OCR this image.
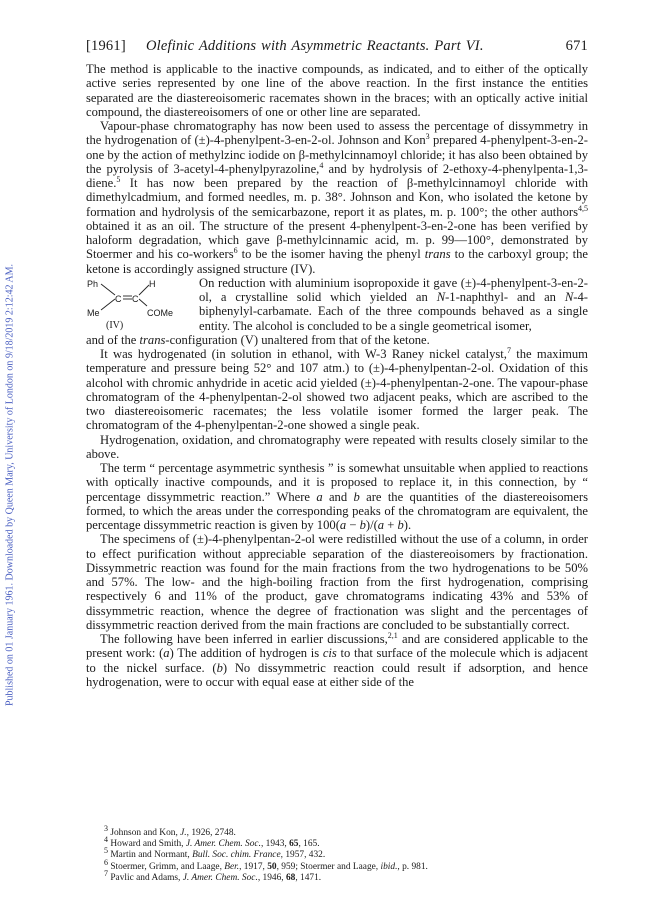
Published on 01 January 1961. Downloaded by Queen Mary, University of London on 9/18/2019 2:12:42 AM.
[1961] Olefinic Additions with Asymmetric Reactants. Part VI.	671

The method is applicable to the inactive compounds, as indicated, and to either of the optically active series represented by one line of the above reaction. In the first instance the entities separated are the diastereoisomeric racemates shown in the braces; with an optically active initial compound, the diastereoisomers of one or other line are separated.

Vapour-phase chromatography has now been used to assess the percentage of dissymmetry in the hydrogenation of (±)-4-phenylpent-3-en-2-ol. Johnson and Kon$^3$ prepared 4-phenylpent-3-en-2-one by the action of methylzinc iodide on β-methylcinnamoyl chloride; it has also been obtained by the pyrolysis of 3-acetyl-4-phenylpyrazoline,$^4$ and by hydrolysis of 2-ethoxy-4-phenylpenta-1,3-diene.$^5$ It has now been prepared by the reaction of β-methylcinnamoyl chloride with dimethylcadmium, and formed needles, m. p. 38°. Johnson and Kon, who isolated the ketone by formation and hydrolysis of the semicarbazone, report it as plates, m. p. 100°; the other authors$^{4,5}$ obtained it as an oil. The structure of the present 4-phenylpent-3-en-2-one has been verified by haloform degradation, which gave β-methylcinnamic acid, m. p. 99—100°, demonstrated by Stoermer and his co-workers$^6$ to be the isomer having the phenyl trans to the carboxyl group; the ketone is accordingly assigned structure (IV).

Ph	H
C C
Me	COMe
(IV)
On reduction with aluminium isopropoxide it gave (±)-4-phenylpent-3-en-2-ol, a crystalline solid which yielded an N-1-naphthyl- and an N-4-biphenylyl-carbamate. Each of the three compounds behaved as a single entity. The alcohol is concluded to be a single geometrical isomer,

and of the trans-configuration (V) unaltered from that of the ketone.

It was hydrogenated (in solution in ethanol, with W-3 Raney nickel catalyst,$^7$ the maximum temperature and pressure being 52° and 107 atm.) to (±)-4-phenylpentan-2-ol. Oxidation of this alcohol with chromic anhydride in acetic acid yielded (±)-4-phenylpentan-2-one. The vapour-phase chromatogram of the 4-phenylpentan-2-ol showed two adjacent peaks, which are ascribed to the two diastereoisomeric racemates; the less volatile isomer formed the larger peak. The chromatogram of the 4-phenylpentan-2-one showed a single peak.

Hydrogenation, oxidation, and chromatography were repeated with results closely similar to the above.

The term “ percentage asymmetric synthesis ” is somewhat unsuitable when applied to reactions with optically inactive compounds, and it is proposed to replace it, in this connection, by “ percentage dissymmetric reaction.” Where a and b are the quantities of the diastereoisomers formed, to which the areas under the corresponding peaks of the chromatogram are equivalent, the percentage dissymmetric reaction is given by 100(a − b)/(a + b).

The specimens of (±)-4-phenylpentan-2-ol were redistilled without the use of a column, in order to effect purification without appreciable separation of the diastereoisomers by fractionation. Dissymmetric reaction was found for the main fractions from the two hydrogenations to be 50% and 57%. The low- and the high-boiling fraction from the first hydrogenation, comprising respectively 6 and 11% of the product, gave chromatograms indicating 43% and 53% of dissymmetric reaction, whence the degree of fractionation was slight and the percentages of dissymmetric reaction derived from the main fractions are concluded to be substantially correct.

The following have been inferred in earlier discussions,$^{2,1}$ and are considered applicable to the present work: (a) The addition of hydrogen is cis to that surface of the molecule which is adjacent to the nickel surface. (b) No dissymmetric reaction could result if adsorption, and hence hydrogenation, were to occur with equal ease at either side of the

$^3$ Johnson and Kon, J., 1926, 2748.
$^4$ Howard and Smith, J. Amer. Chem. Soc., 1943, 65, 165.
$^5$ Martin and Normant, Bull. Soc. chim. France, 1957, 432.
$^6$ Stoermer, Grimm, and Laage, Ber., 1917, 50, 959; Stoermer and Laage, ibid., p. 981.
$^7$ Pavlic and Adams, J. Amer. Chem. Soc., 1946, 68, 1471.
